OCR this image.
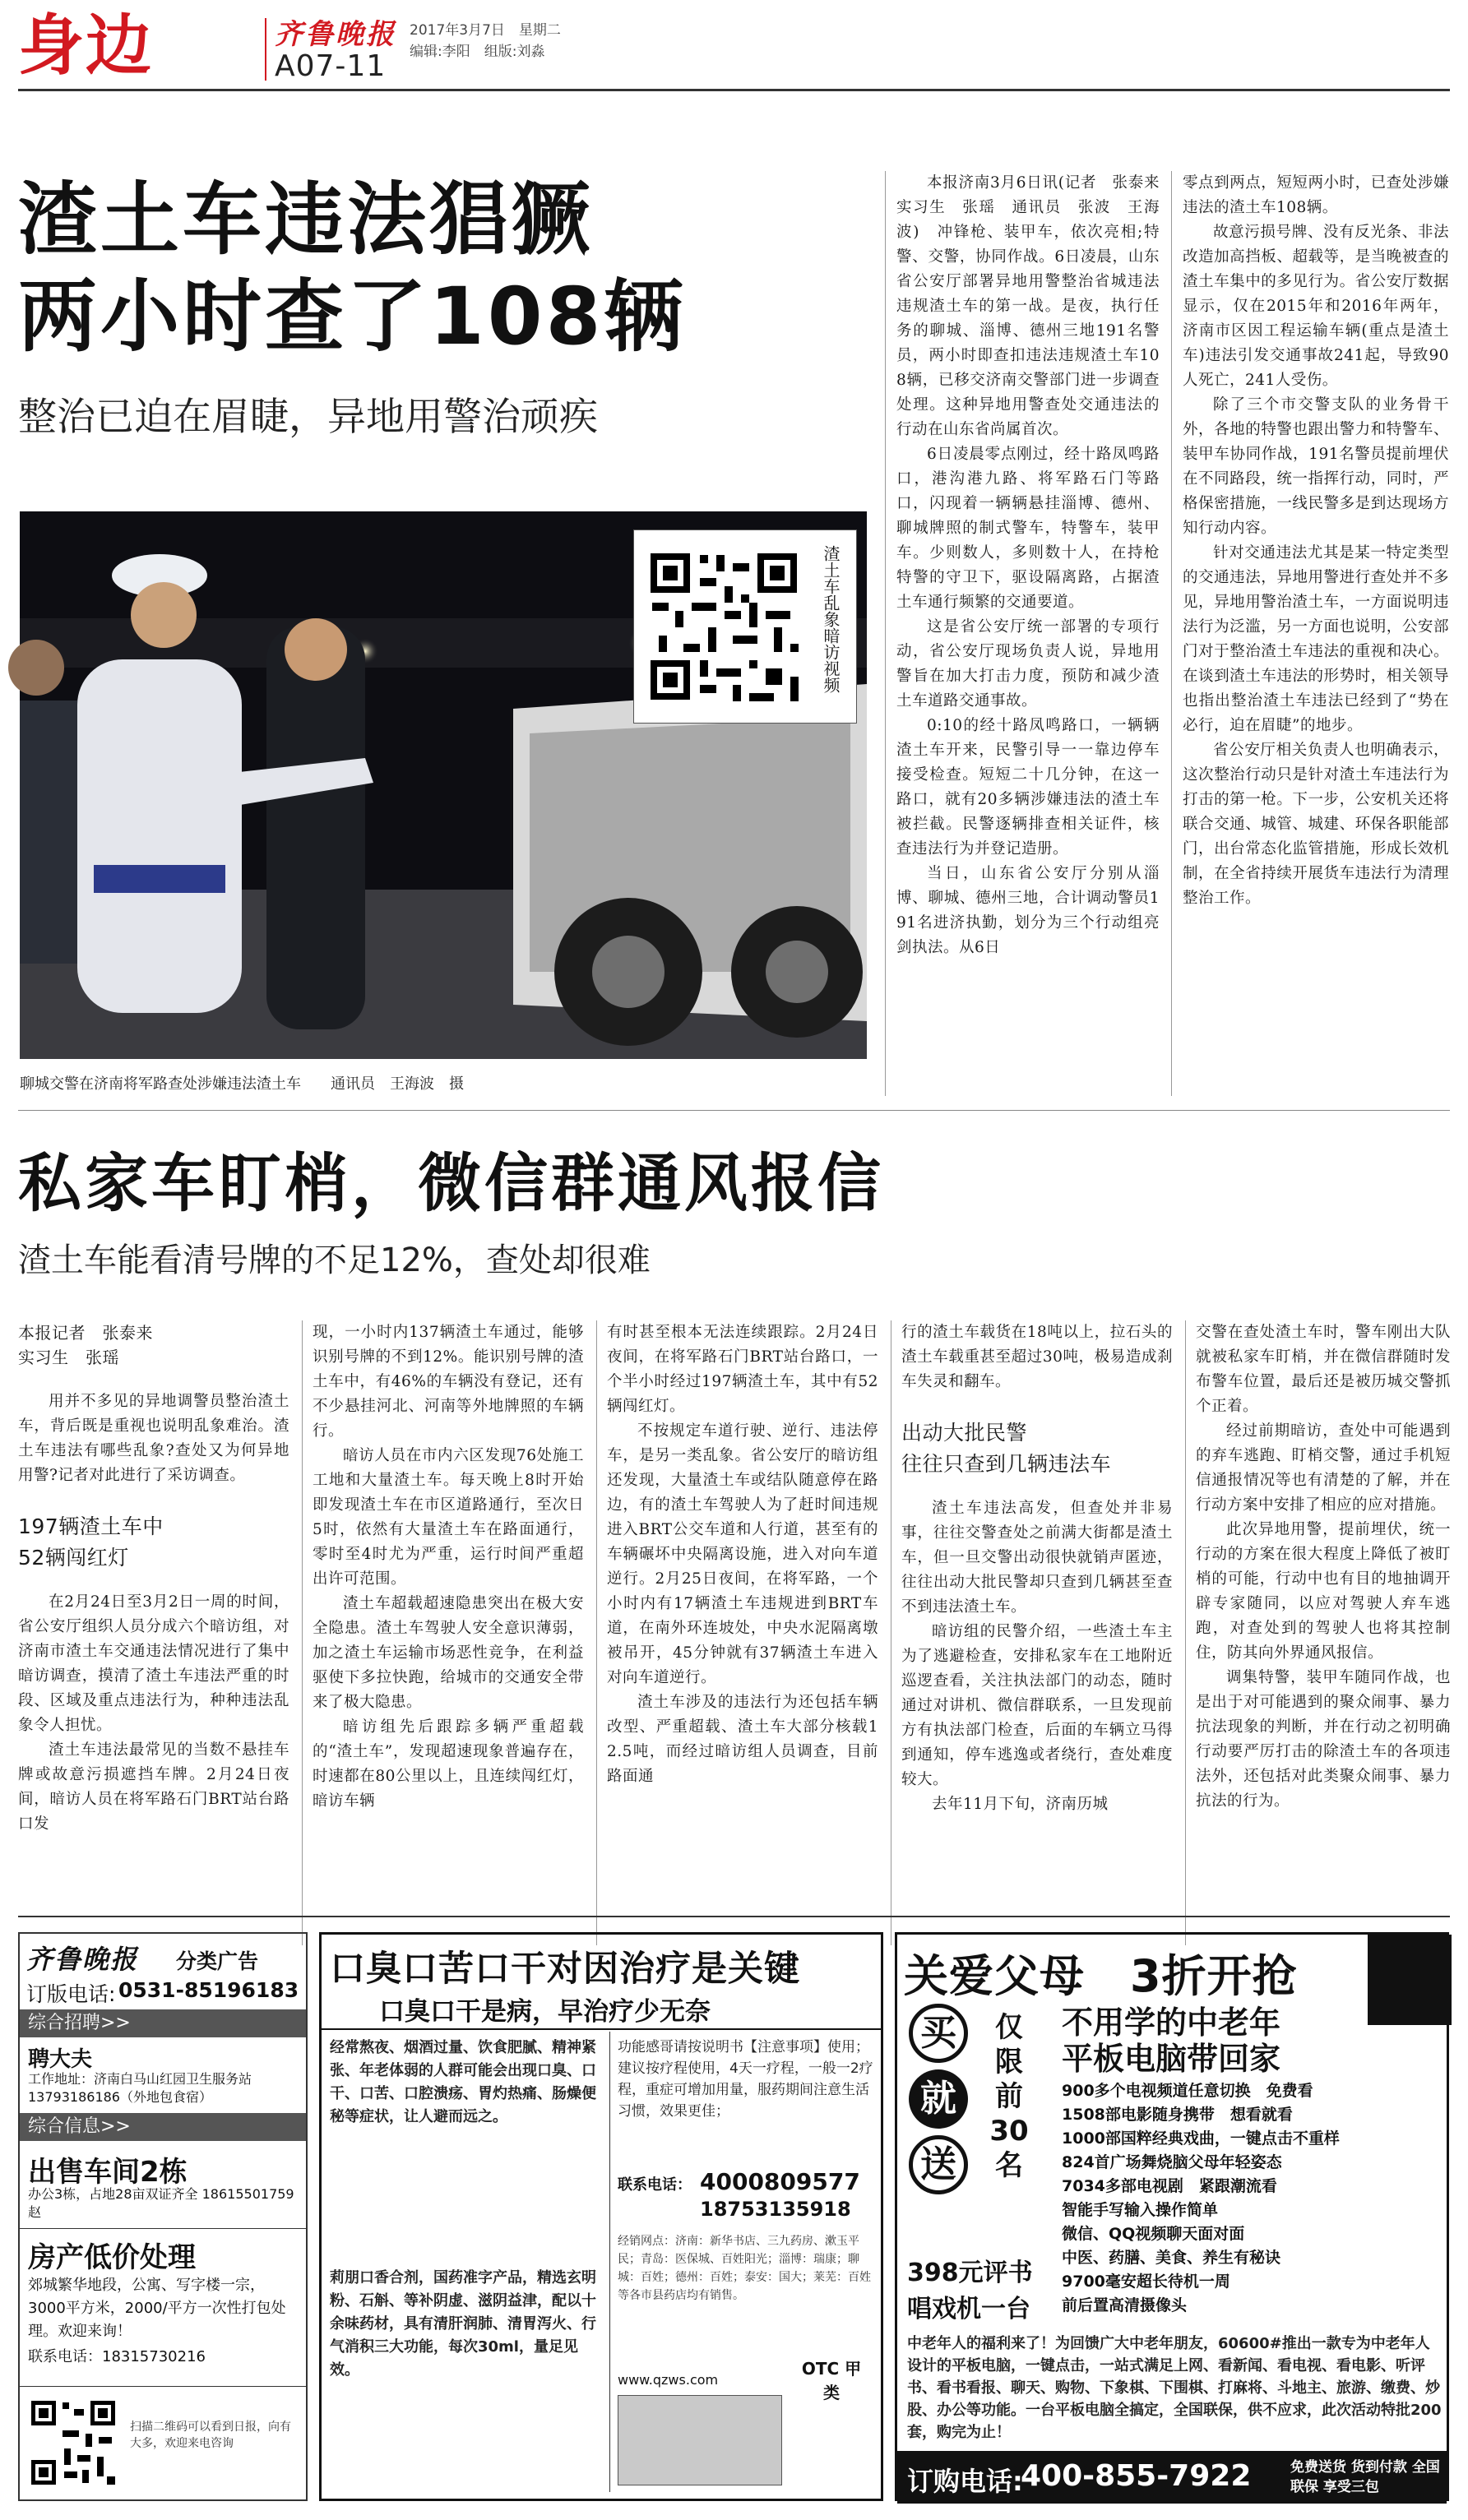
身边	齐鲁晚报 2017年3月7日　星期二
编辑:李阳　组版:刘淼
A07-11
渣土车违法猖獗
两小时查了108辆
整治已迫在眉睫，异地用警治顽疾
渣土车乱象暗访视频
聊城交警在济南将军路查处涉嫌违法渣土车　　通讯员　王海波　摄

本报济南3月6日讯(记者　张泰来　实习生　张瑶　通讯员　张波　王海波)　冲锋枪、装甲车，依次亮相;特警、交警，协同作战。6日凌晨，山东省公安厅部署异地用警整治省城违法违规渣土车的第一战。是夜，执行任务的聊城、淄博、德州三地191名警员，两小时即查扣违法违规渣土车108辆，已移交济南交警部门进一步调查处理。这种异地用警查处交通违法的行动在山东省尚属首次。

6日凌晨零点刚过，经十路凤鸣路口，港沟港九路、将军路石门等路口，闪现着一辆辆悬挂淄博、德州、聊城牌照的制式警车，特警车，装甲车。少则数人，多则数十人，在持枪特警的守卫下，驱设隔离路，占据渣土车通行频繁的交通要道。

这是省公安厅统一部署的专项行动，省公安厅现场负责人说，异地用警旨在加大打击力度，预防和减少渣土车道路交通事故。

0:10的经十路凤鸣路口，一辆辆渣土车开来，民警引导一一靠边停车接受检查。短短二十几分钟，在这一路口，就有20多辆涉嫌违法的渣土车被拦截。民警逐辆排查相关证件，核查违法行为并登记造册。

当日，山东省公安厅分别从淄博、聊城、德州三地，合计调动警员191名进济执勤，划分为三个行动组亮剑执法。从6日

零点到两点，短短两小时，已查处涉嫌违法的渣土车108辆。

故意污损号牌、没有反光条、非法改造加高挡板、超载等，是当晚被查的渣土车集中的多见行为。省公安厅数据显示，仅在2015年和2016年两年，济南市区因工程运输车辆(重点是渣土车)违法引发交通事故241起，导致90人死亡，241人受伤。

除了三个市交警支队的业务骨干外，各地的特警也跟出警力和特警车、装甲车协同作战，191名警员提前埋伏在不同路段，统一指挥行动，同时，严格保密措施，一线民警多是到达现场方知行动内容。

针对交通违法尤其是某一特定类型的交通违法，异地用警进行查处并不多见，异地用警治渣土车，一方面说明违法行为泛滥，另一方面也说明，公安部门对于整治渣土车违法的重视和决心。在谈到渣土车违法的形势时，相关领导也指出整治渣土车违法已经到了“势在必行，迫在眉睫”的地步。

省公安厅相关负责人也明确表示，这次整治行动只是针对渣土车违法行为打击的第一枪。下一步，公安机关还将联合交通、城管、城建、环保各职能部门，出台常态化监管措施，形成长效机制，在全省持续开展货车违法行为清理整治工作。

私家车盯梢，微信群通风报信
渣土车能看清号牌的不足12%，查处却很难
本报记者　张泰来
实习生　张瑶

用并不多见的异地调警员整治渣土车，背后既是重视也说明乱象难治。渣土车违法有哪些乱象?查处又为何异地用警?记者对此进行了采访调查。

197辆渣土车中
52辆闯红灯

在2月24日至3月2日一周的时间，省公安厅组织人员分成六个暗访组，对济南市渣土车交通违法情况进行了集中暗访调查，摸清了渣土车违法严重的时段、区域及重点违法行为，种种违法乱象令人担忧。

渣土车违法最常见的当数不悬挂车牌或故意污损遮挡车牌。2月24日夜间，暗访人员在将军路石门BRT站台路口发

现，一小时内137辆渣土车通过，能够识别号牌的不到12%。能识别号牌的渣土车中，有46%的车辆没有登记，还有不少悬挂河北、河南等外地牌照的车辆行。

暗访人员在市内六区发现76处施工工地和大量渣土车。每天晚上8时开始即发现渣土车在市区道路通行，至次日5时，依然有大量渣土车在路面通行，零时至4时尤为严重，运行时间严重超出许可范围。

渣土车超载超速隐患突出在极大安全隐患。渣土车驾驶人安全意识薄弱，加之渣土车运输市场恶性竞争，在利益驱使下多拉快跑，给城市的交通安全带来了极大隐患。

暗访组先后跟踪多辆严重超载的“渣土车”，发现超速现象普遍存在，时速都在80公里以上，且连续闯红灯，暗访车辆

有时甚至根本无法连续跟踪。2月24日夜间，在将军路石门BRT站台路口，一个半小时经过197辆渣土车，其中有52辆闯红灯。

不按规定车道行驶、逆行、违法停车，是另一类乱象。省公安厅的暗访组还发现，大量渣土车或结队随意停在路边，有的渣土车驾驶人为了赶时间违规进入BRT公交车道和人行道，甚至有的车辆碾坏中央隔离设施，进入对向车道逆行。2月25日夜间，在将军路，一个小时内有17辆渣土车违规进到BRT车道，在南外环连坡处，中央水泥隔离墩被吊开，45分钟就有37辆渣土车进入对向车道逆行。

渣土车涉及的违法行为还包括车辆改型、严重超载、渣土车大部分核载12.5吨，而经过暗访组人员调查，目前路面通

行的渣土车载货在18吨以上，拉石头的渣土车载重甚至超过30吨，极易造成刹车失灵和翻车。

出动大批民警
往往只查到几辆违法车

渣土车违法高发，但查处并非易事，往往交警查处之前满大街都是渣土车，但一旦交警出动很快就销声匿迹，往往出动大批民警却只查到几辆甚至查不到违法渣土车。

暗访组的民警介绍，一些渣土车主为了逃避检查，安排私家车在工地附近巡逻查看，关注执法部门的动态，随时通过对讲机、微信群联系，一旦发现前方有执法部门检查，后面的车辆立马得到通知，停车逃逸或者绕行，查处难度较大。

去年11月下旬，济南历城

交警在查处渣土车时，警车刚出大队就被私家车盯梢，并在微信群随时发布警车位置，最后还是被历城交警抓个正着。

经过前期暗访，查处中可能遇到的弃车逃跑、盯梢交警，通过手机短信通报情况等也有清楚的了解，并在行动方案中安排了相应的应对措施。

此次异地用警，提前埋伏，统一行动的方案在很大程度上降低了被盯梢的可能，行动中也有目的地抽调开辟专家随同，以应对驾驶人弃车逃跑，对查处到的驾驶人也将其控制住，防其向外界通风报信。

调集特警，装甲车随同作战，也是出于对可能遇到的聚众闹事、暴力抗法现象的判断，并在行动之初明确行动要严厉打击的除渣土车的各项违法外，还包括对此类聚众闹事、暴力抗法的行为。

齐鲁晚报 分类广告
订版电话: 0531-85196183
综合招聘>>
聘大夫
工作地址：济南白马山红园卫生服务站 13793186186（外地包食宿）
综合信息>>
出售车间2栋
办公3栋，占地28亩双证齐全 18615501759赵
房产低价处理
郊城繁华地段，公寓、写字楼一宗，3000平方米，2000/平方一次性打包处理。欢迎来询！
联系电话：18315730216
扫描二维码可以看到日报，向有大多，欢迎来电咨询
口臭口苦口干对因治疗是关键
口臭口干是病，早治疗少无奈
经常熬夜、烟酒过量、饮食肥腻、精神紧张、年老体弱的人群可能会出现口臭、口干、口苦、口腔溃疡、胃灼热痛、肠燥便秘等症状，让人避而远之。
莉朋口香合剂，国药准字产品，精选玄明粉、石斛、等补阴虚、滋阴益津，配以十余味药材，具有清肝润肺、清胃泻火、行气消积三大功能，每次30ml，量足见效。
功能感哥请按说明书【注意事项】使用；建议按疗程使用，4天一疗程，一般一2疗程，重症可增加用量，服药期间注意生活习惯，效果更佳；
联系电话： 4000809577
18753135918
经销网点：济南：新华书店、三九药房、漱玉平民；青岛：医保城、百姓阳光；淄博：瑞康；聊城：百姓；德州：百姓；泰安：国大；莱芜：百姓等各市县药店均有销售。
OTC 甲类
www.qzws.com
关爱父母　3折开抢
买
就
送
仅限前30名
不用学的中老年
平板电脑带回家
900多个电视频道任意切换　免费看
1508部电影随身携带　想看就看
1000部国粹经典戏曲，一键点击不重样
824首广场舞烧脑父母年轻姿态
7034多部电视剧　紧跟潮流看
智能手写输入操作简单
微信、QQ视频聊天面对面
中医、药膳、美食、养生有秘诀
9700毫安超长待机一周
前后置高清摄像头
398元评书
唱戏机一台
中老年人的福利来了！为回馈广大中老年朋友，60600#推出一款专为中老年人设计的平板电脑，一键点击，一站式满足上网、看新闻、看电视、看电影、听评书、看书看报、聊天、购物、下象棋、下围棋、打麻将、斗地主、旅游、缴费、炒股、办公等功能。一台平板电脑全搞定，全国联保，供不应求，此次活动特批200套，购完为止！
订购电话:
400-855-7922	免费送货 货到付款 全国联保 享受三包
